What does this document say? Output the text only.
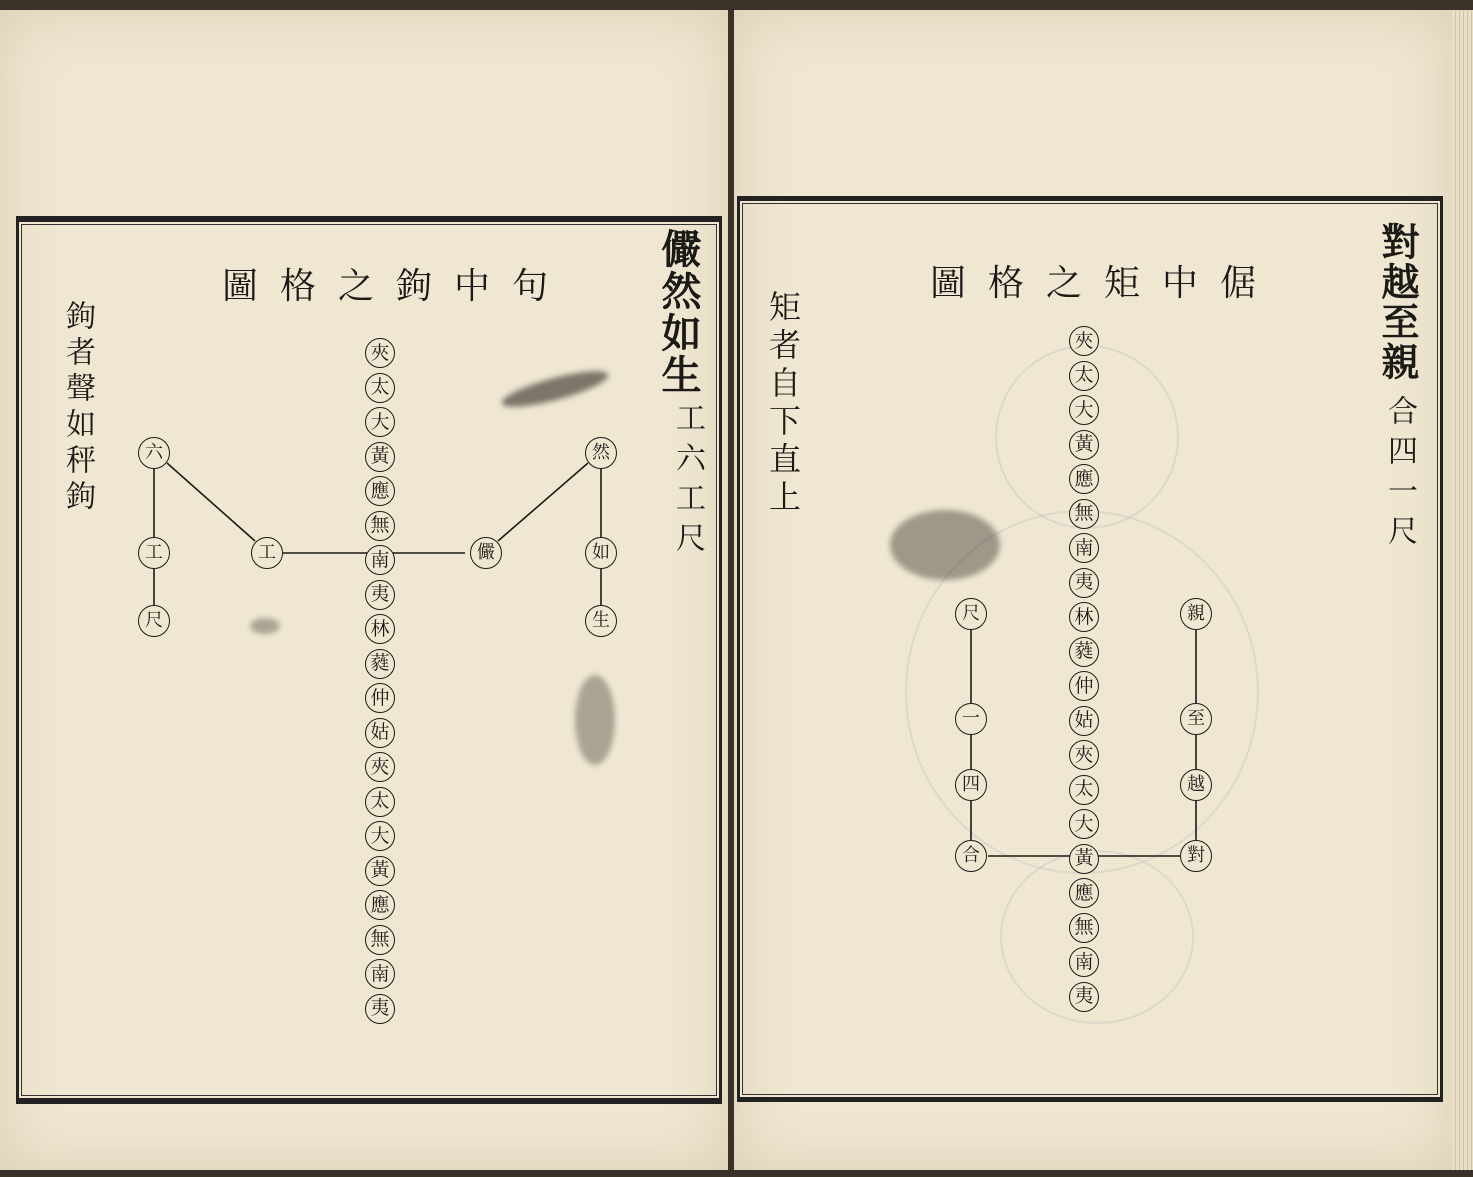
句中鉤之格圖
鉤者聲如秤鉤	儼然如生
工六工尺
倨中矩之格圖
矩者自下直上	對越至親
合四一尺
夾
太
大
黃
應
無
南
夷
林
蕤
仲
姑
夾
太
大
黃
應
無
南
夷
六
工
尺
工	儼
然
如
生
夾
太
大
黃
應
無
南
夷
林
蕤
仲
姑
夾
太
大
黃
應
無
南
夷
尺
一
四
合
親
至
越
對
